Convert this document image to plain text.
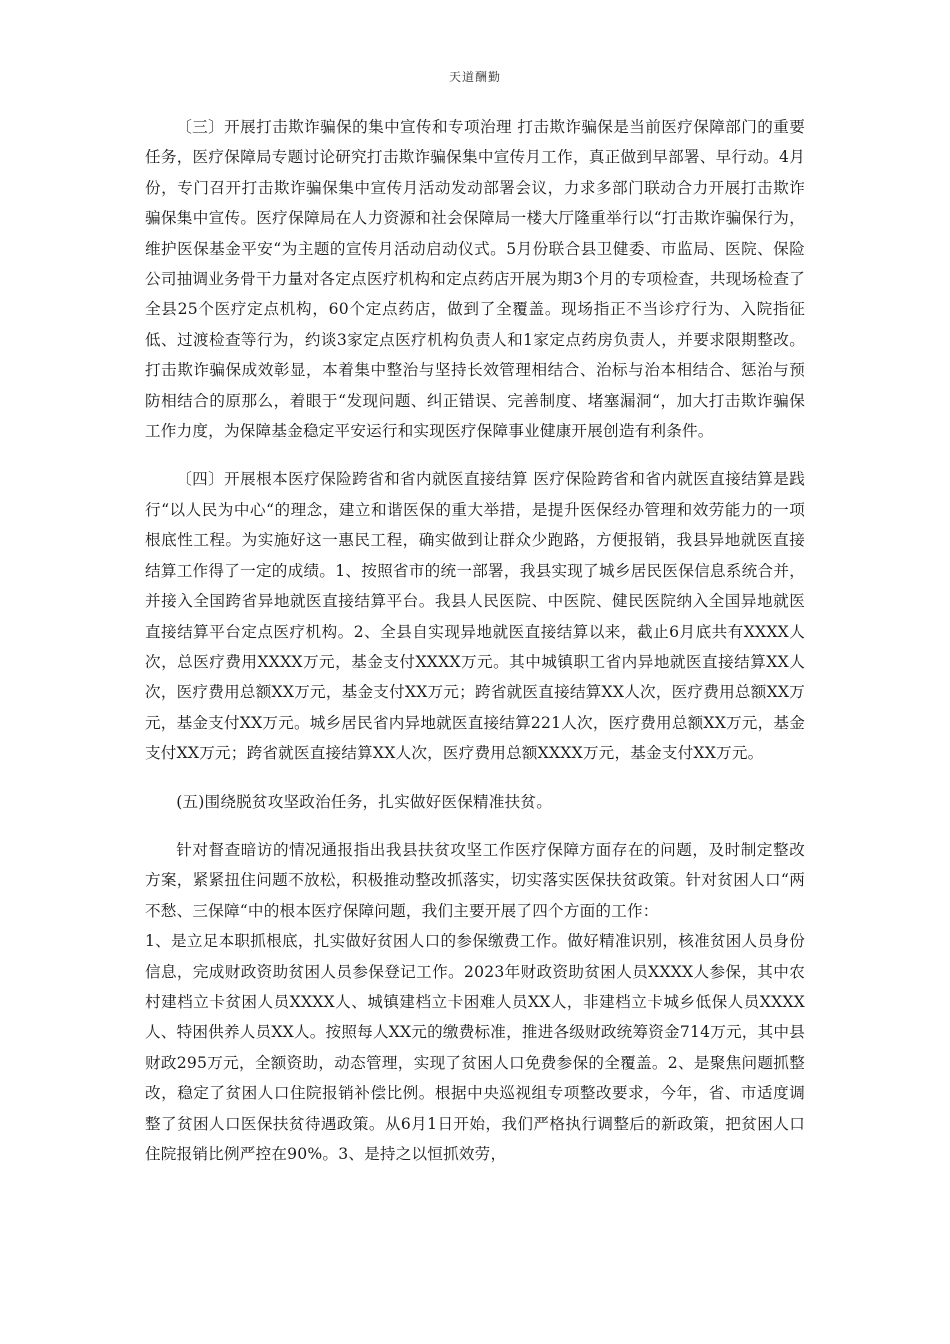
天道酬勤

〔三〕开展打击欺诈骗保的集中宣传和专项治理 打击欺诈骗保是当前医疗保障部门的重要任务，医疗保障局专题讨论研究打击欺诈骗保集中宣传月工作，真正做到早部署、早行动。4月份，专门召开打击欺诈骗保集中宣传月活动发动部署会议，力求多部门联动合力开展打击欺诈骗保集中宣传。医疗保障局在人力资源和社会保障局一楼大厅隆重举行以“打击欺诈骗保行为，维护医保基金平安“为主题的宣传月活动启动仪式。5月份联合县卫健委、市监局、医院、保险公司抽调业务骨干力量对各定点医疗机构和定点药店开展为期3个月的专项检查，共现场检查了全县25个医疗定点机构，60个定点药店，做到了全覆盖。现场指正不当诊疗行为、入院指征低、过渡检查等行为，约谈3家定点医疗机构负责人和1家定点药房负责人，并要求限期整改。打击欺诈骗保成效彰显，本着集中整治与坚持长效管理相结合、治标与治本相结合、惩治与预防相结合的原那么，着眼于“发现问题、纠正错误、完善制度、堵塞漏洞“，加大打击欺诈骗保工作力度，为保障基金稳定平安运行和实现医疗保障事业健康开展创造有利条件。

〔四〕开展根本医疗保险跨省和省内就医直接结算 医疗保险跨省和省内就医直接结算是践行“以人民为中心“的理念，建立和谐医保的重大举措，是提升医保经办管理和效劳能力的一项根底性工程。为实施好这一惠民工程，确实做到让群众少跑路，方便报销，我县异地就医直接结算工作得了一定的成绩。1、按照省市的统一部署，我县实现了城乡居民医保信息系统合并，并接入全国跨省异地就医直接结算平台。我县人民医院、中医院、健民医院纳入全国异地就医直接结算平台定点医疗机构。2、全县自实现异地就医直接结算以来，截止6月底共有XXXX人次，总医疗费用XXXX万元，基金支付XXXX万元。其中城镇职工省内异地就医直接结算XX人次，医疗费用总额XX万元，基金支付XX万元；跨省就医直接结算XX人次，医疗费用总额XX万元，基金支付XX万元。城乡居民省内异地就医直接结算221人次，医疗费用总额XX万元，基金支付XX万元；跨省就医直接结算XX人次，医疗费用总额XXXX万元，基金支付XX万元。

(五)围绕脱贫攻坚政治任务，扎实做好医保精准扶贫。

针对督查暗访的情况通报指出我县扶贫攻坚工作医疗保障方面存在的问题，及时制定整改方案，紧紧扭住问题不放松，积极推动整改抓落实，切实落实医保扶贫政策。针对贫困人口“两不愁、三保障“中的根本医疗保障问题，我们主要开展了四个方面的工作：

1、是立足本职抓根底，扎实做好贫困人口的参保缴费工作。做好精准识别，核准贫困人员身份信息，完成财政资助贫困人员参保登记工作。2023年财政资助贫困人员XXXX人参保，其中农村建档立卡贫困人员XXXX人、城镇建档立卡困难人员XX人，非建档立卡城乡低保人员XXXX人、特困供养人员XX人。按照每人XX元的缴费标准，推进各级财政统筹资金714万元，其中县财政295万元，全额资助，动态管理，实现了贫困人口免费参保的全覆盖。2、是聚焦问题抓整改，稳定了贫困人口住院报销补偿比例。根据中央巡视组专项整改要求，今年，省、市适度调整了贫困人口医保扶贫待遇政策。从6月1日开始，我们严格执行调整后的新政策，把贫困人口住院报销比例严控在90%。3、是持之以恒抓效劳，
